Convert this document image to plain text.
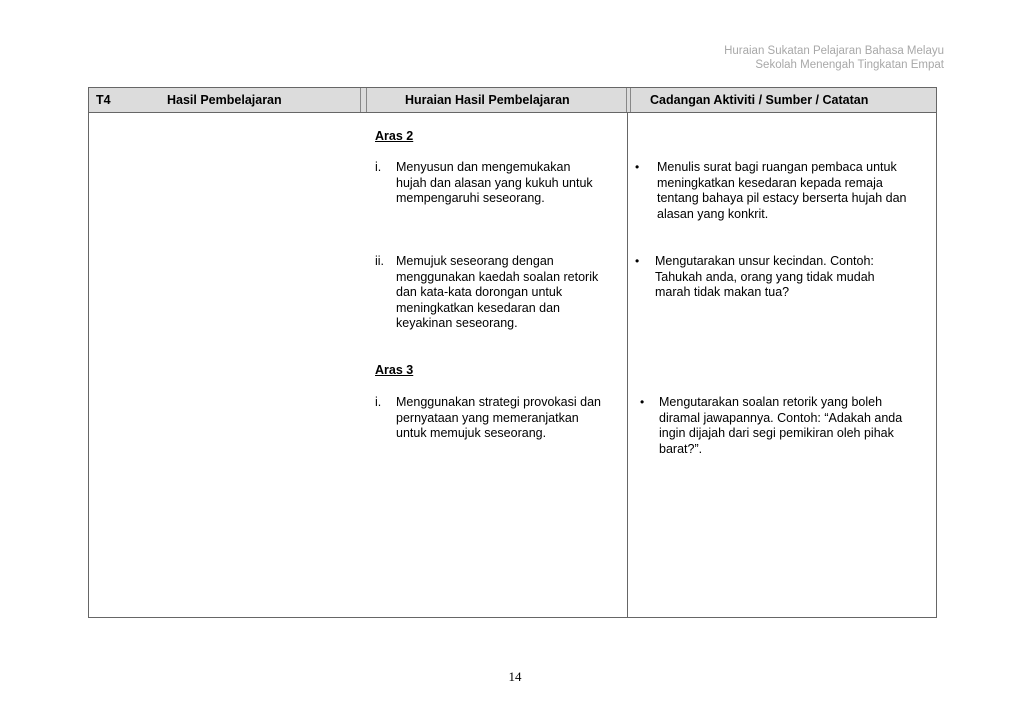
Huraian Sukatan Pelajaran Bahasa Melayu
Sekolah Menengah Tingkatan Empat
T4	Hasil Pembelajaran	Huraian Hasil Pembelajaran	Cadangan Aktiviti / Sumber / Catatan
Aras 2
i. Menyusun dan mengemukakan
hujah dan alasan yang kukuh untuk
mempengaruhi seseorang.
• Menulis surat bagi ruangan pembaca untuk
meningkatkan kesedaran kepada remaja
tentang bahaya pil estacy berserta hujah dan
alasan yang konkrit.
ii. Memujuk seseorang dengan
menggunakan kaedah soalan retorik
dan kata-kata dorongan untuk
meningkatkan kesedaran dan
keyakinan seseorang.
• Mengutarakan unsur kecindan. Contoh:
Tahukah anda, orang yang tidak mudah
marah tidak makan tua?
Aras 3
i. Menggunakan strategi provokasi dan
pernyataan yang memeranjatkan
untuk memujuk seseorang.
• Mengutarakan soalan retorik yang boleh
diramal jawapannya. Contoh: “Adakah anda
ingin dijajah dari segi pemikiran oleh pihak
barat?”.
14
